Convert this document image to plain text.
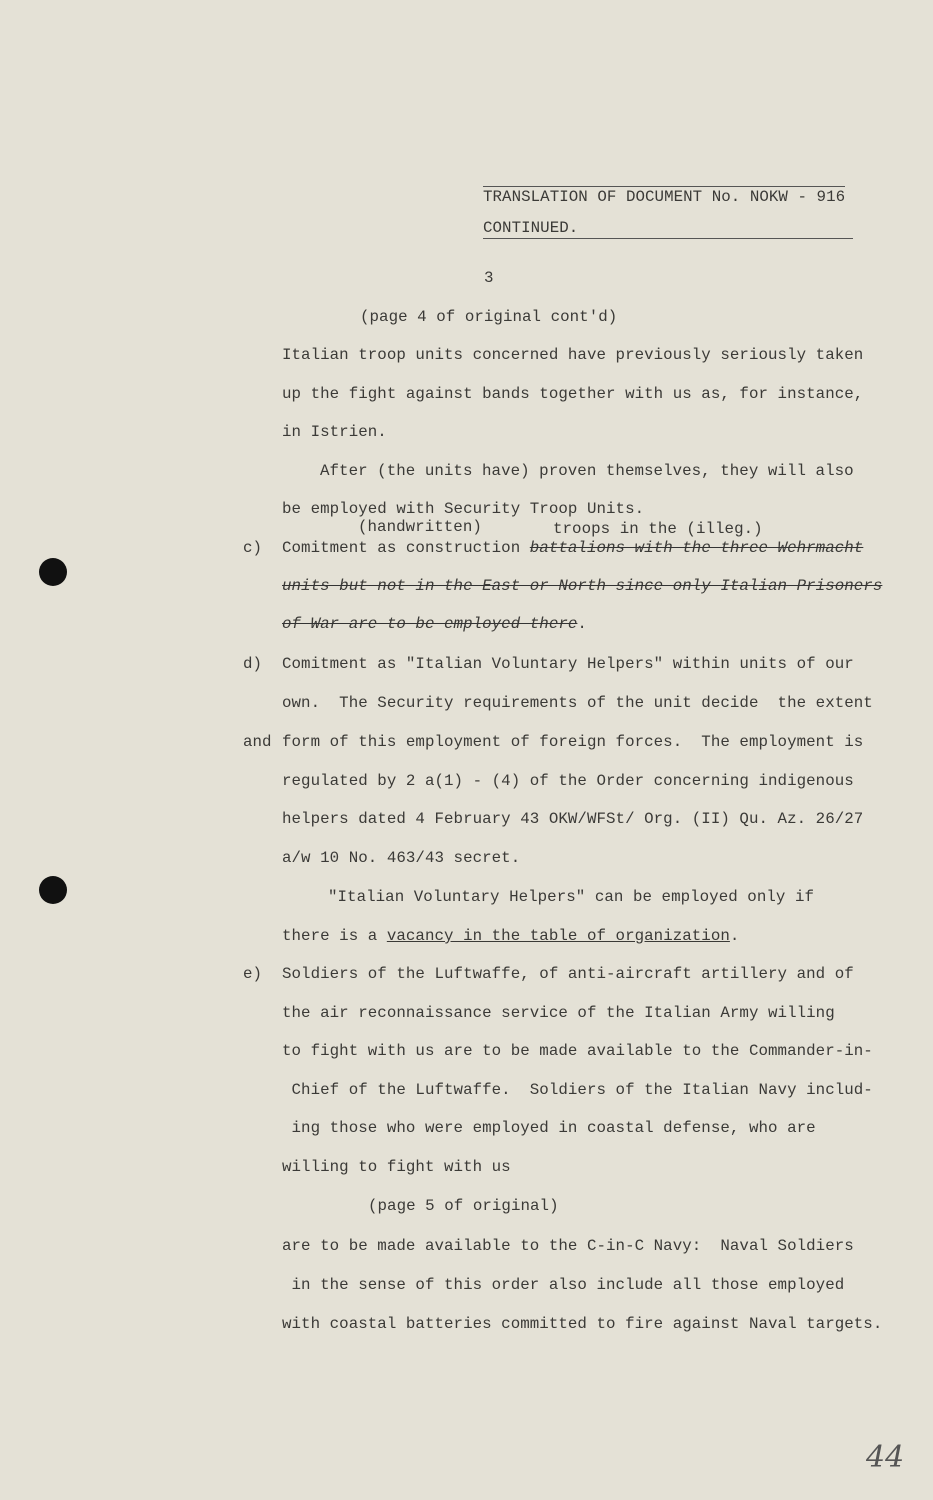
TRANSLATION OF DOCUMENT No. NOKW - 916
CONTINUED.
3
(page 4 of original cont'd)
Italian troop units concerned have previously seriously taken
up the fight against bands together with us as, for instance,
in Istrien.
After (the units have) proven themselves, they will also
be employed with Security Troop Units.
(handwritten)	troops in the (illeg.)
c) Comitment as construction battalions with the three Wehrmacht
units but not in the East or North since only Italian Prisoners
of War are to be employed there.
d) Comitment as "Italian Voluntary Helpers" within units of our
own.  The Security requirements of the unit decide  the extent
and form of this employment of foreign forces.  The employment is
regulated by 2 a(1) - (4) of the Order concerning indigenous
helpers dated 4 February 43 OKW/WFSt/ Org. (II) Qu. Az. 26/27
a/w 10 No. 463/43 secret.
"Italian Voluntary Helpers" can be employed only if
there is a vacancy in the table of organization.
e) Soldiers of the Luftwaffe, of anti-aircraft artillery and of
the air reconnaissance service of the Italian Army willing
to fight with us are to be made available to the Commander-in-
Chief of the Luftwaffe.  Soldiers of the Italian Navy includ-
ing those who were employed in coastal defense, who are
willing to fight with us
(page 5 of original)
are to be made available to the C-in-C Navy:  Naval Soldiers
in the sense of this order also include all those employed
with coastal batteries committed to fire against Naval targets.
44
